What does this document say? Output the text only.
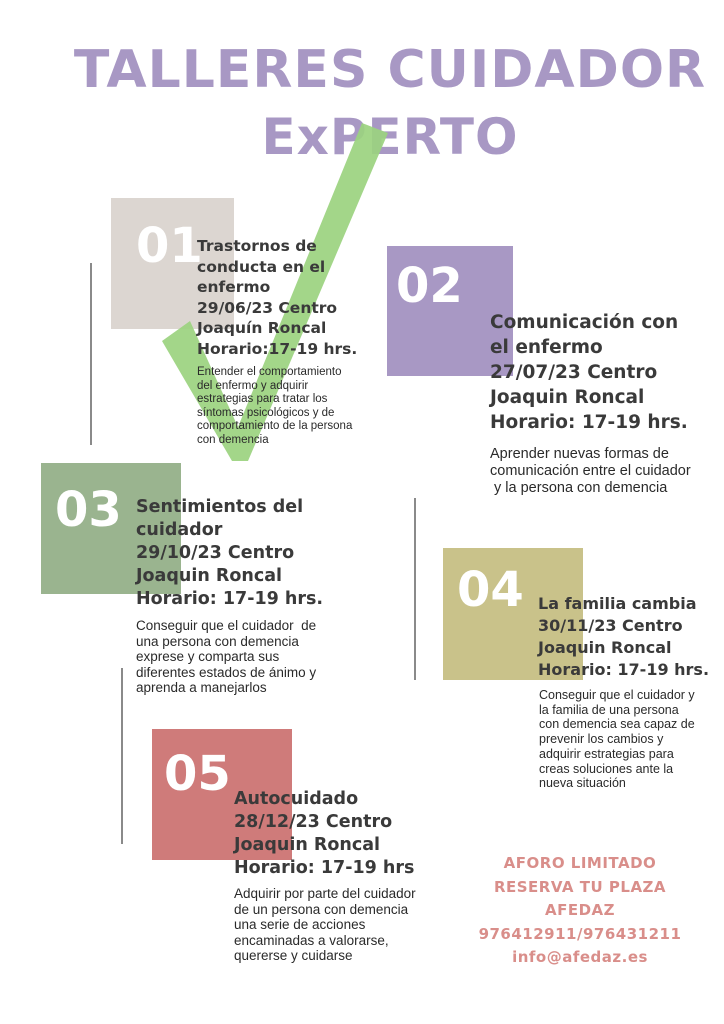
TALLERES CUIDADOR
ExPERTO
01
02
03
04
05
Trastornos de
conducta en el
enfermo
29/06/23 Centro
Joaquín Roncal
Horario:17-19 hrs.
Entender el comportamiento
del enfermo y adquirir
estrategias para tratar los
síntomas psicológicos y de
comportamiento de la persona
con demencia
Comunicación con
el enfermo
27/07/23 Centro
Joaquin Roncal
Horario: 17-19 hrs.
Aprender nuevas formas de
comunicación entre el cuidador
y la persona con demencia
Sentimientos del
cuidador
29/10/23 Centro
Joaquin Roncal
Horario: 17-19 hrs.
Conseguir que el cuidador  de
una persona con demencia
exprese y comparta sus
diferentes estados de ánimo y
aprenda a manejarlos
La familia cambia
30/11/23 Centro
Joaquin Roncal
Horario: 17-19 hrs.
Conseguir que el cuidador y
la familia de una persona
con demencia sea capaz de
prevenir los cambios y
adquirir estrategias para
creas soluciones ante la
nueva situación
Autocuidado
28/12/23 Centro
Joaquin Roncal
Horario: 17-19 hrs
Adquirir por parte del cuidador
de un persona con demencia
una serie de acciones
encaminadas a valorarse,
quererse y cuidarse
AFORO LIMITADO
RESERVA TU PLAZA
AFEDAZ
976412911/976431211
info@afedaz.es
